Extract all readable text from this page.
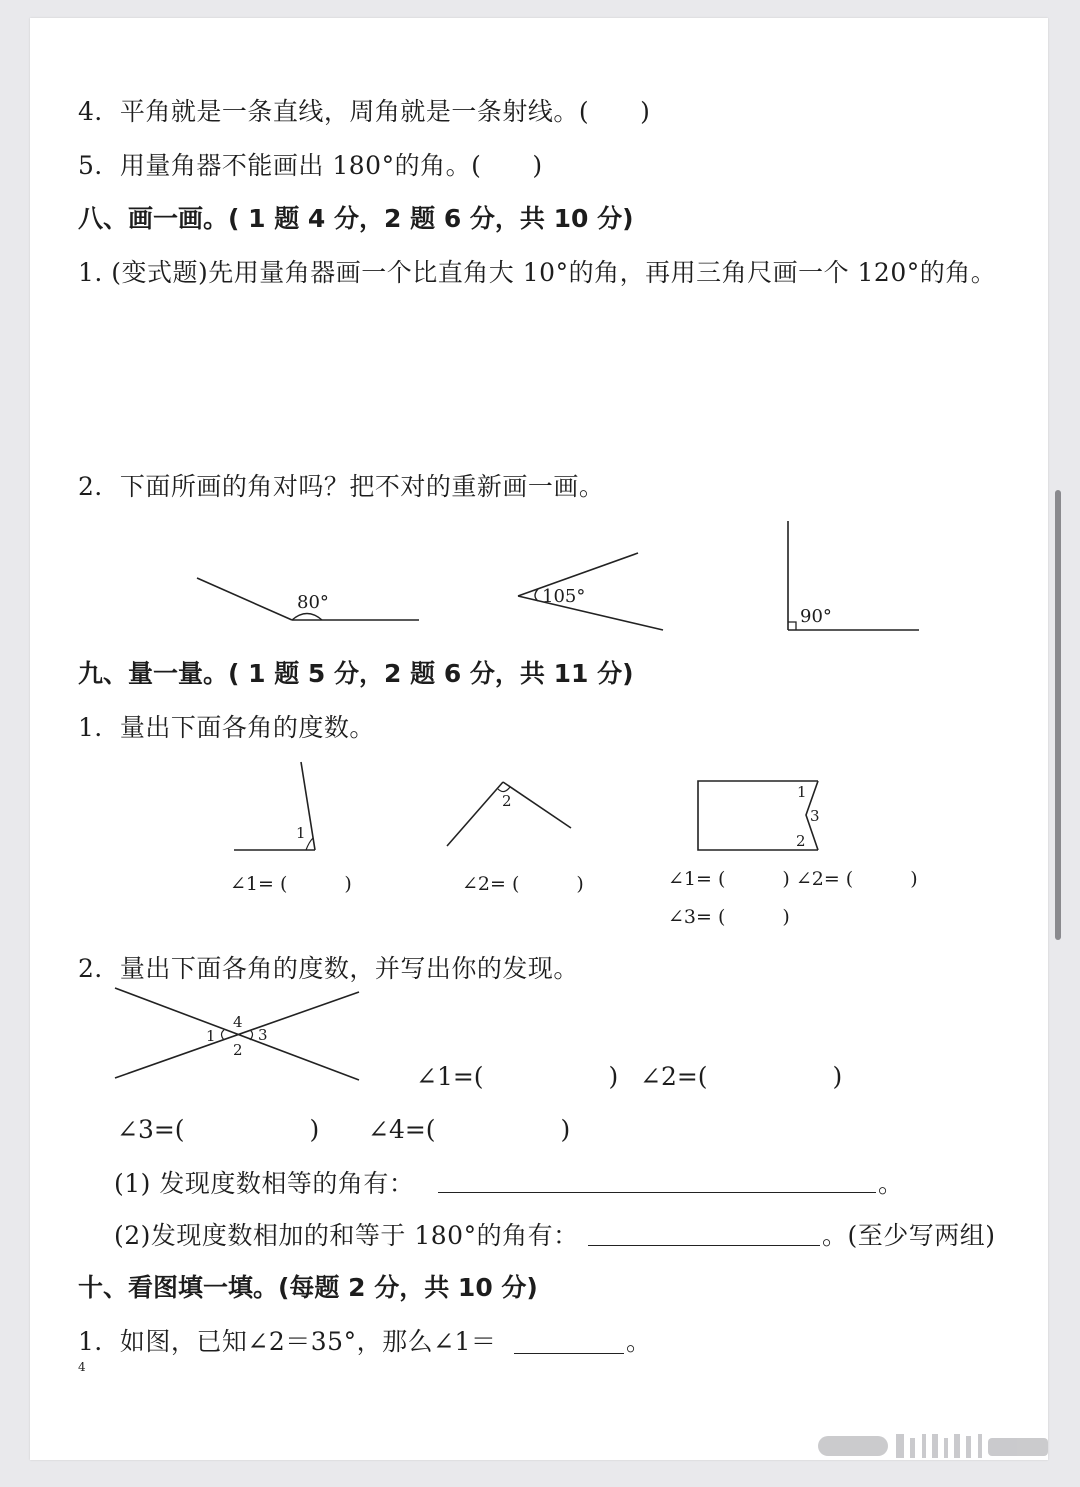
4．平角就是一条直线，周角就是一条射线。(　　)
5．用量角器不能画出 180°的角。(　　)
八、画一画。( 1 题 4 分，2 题 6 分，共 10 分)
1. (变式题)先用量角器画一个比直角大 10°的角，再用三角尺画一个 120°的角。
2．下面所画的角对吗？把不对的重新画一画。
80°	105°
90°
九、量一量。( 1 题 5 分，2 题 6 分，共 11 分)
1．量出下面各角的度数。
1
2	1
3
2
∠1= (　　　)	∠2= (　　　)	∠1= (　　　) ∠2= (　　　)
∠3= (　　　)
2．量出下面各角的度数，并写出你的发现。
1
4
3
2
∠1=(　　　　　) ∠2=(　　　　　)
∠3=(　　　　　) ∠4=(　　　　　)
(1) 发现度数相等的角有：	。
(2)发现度数相加的和等于 180°的角有：	。(至少写两组)
十、看图填一填。(每题 2 分，共 10 分)
1．如图，已知∠2＝35°，那么∠1＝	。
4
